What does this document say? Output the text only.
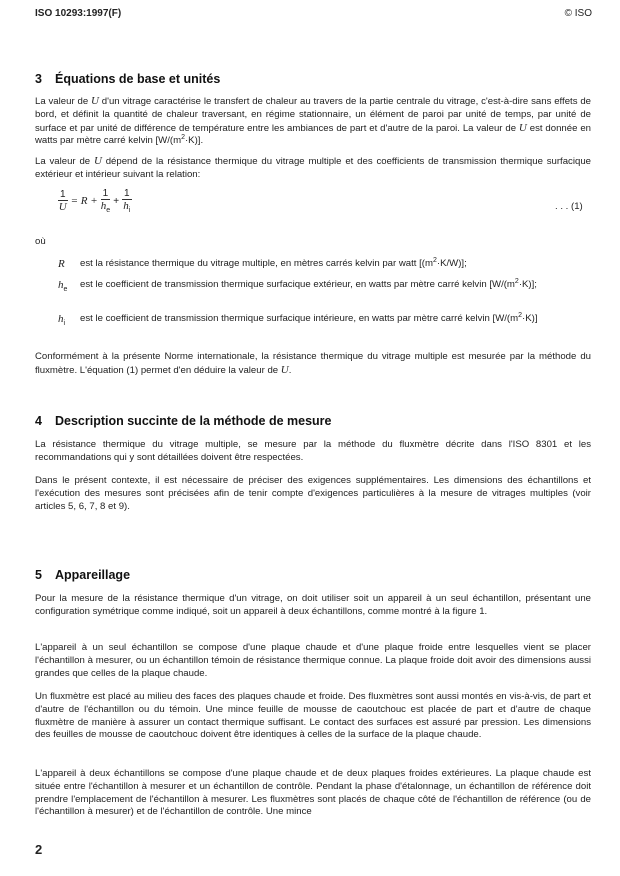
ISO 10293:1997(F)	© ISO
3 Équations de base et unités
La valeur de U d'un vitrage caractérise le transfert de chaleur au travers de la partie centrale du vitrage, c'est-à-dire sans effets de bord, et définit la quantité de chaleur traversant, en régime stationnaire, un élément de paroi par unité de temps, par unité de surface et par unité de différence de température entre les ambiances de part et d'autre de la paroi. La valeur de U est donnée en watts par mètre carré kelvin $[W/(m^2\cdot K)]$.
La valeur de U dépend de la résistance thermique du vitrage multiple et des coefficients de transmission thermique surfacique extérieur et intérieur suivant la relation:
$\frac{1}{U} = R + \frac{1}{h_e} + \frac{1}{h_i}$	. . . (1)
où
R est la résistance thermique du vitrage multiple, en mètres carrés kelvin par watt $[(m^2\cdot K/W)]$;
$h_e$ est le coefficient de transmission thermique surfacique extérieur, en watts par mètre carré kelvin $[W/(m^2\cdot K)]$;
$h_i$ est le coefficient de transmission thermique surfacique intérieure, en watts par mètre carré kelvin $[W/(m^2\cdot K)]$
Conformément à la présente Norme internationale, la résistance thermique du vitrage multiple est mesurée par la méthode du fluxmètre. L'équation (1) permet d'en déduire la valeur de U.
4 Description succinte de la méthode de mesure
La résistance thermique du vitrage multiple, se mesure par la méthode du fluxmètre décrite dans l'ISO 8301 et les recommandations qui y sont détaillées doivent être respectées.
Dans le présent contexte, il est nécessaire de préciser des exigences supplémentaires. Les dimensions des échantillons et l'exécution des mesures sont précisées afin de tenir compte d'exigences particulières à la mesure de vitrages multiples (voir articles 5, 6, 7, 8 et 9).
5 Appareillage
Pour la mesure de la résistance thermique d'un vitrage, on doit utiliser soit un appareil à un seul échantillon, présentant une configuration symétrique comme indiqué, soit un appareil à deux échantillons, comme montré à la figure 1.
L'appareil à un seul échantillon se compose d'une plaque chaude et d'une plaque froide entre lesquelles vient se placer l'échantillon à mesurer, ou un échantillon témoin de résistance thermique connue. La plaque froide doit avoir des dimensions aussi grandes que celles de la plaque chaude.
Un fluxmètre est placé au milieu des faces des plaques chaude et froide. Des fluxmètres sont aussi montés en vis-à-vis, de part et d'autre de l'échantillon ou du témoin. Une mince feuille de mousse de caoutchouc est placée de part et d'autre de chaque fluxmètre de manière à assurer un contact thermique suffisant. Le contact des surfaces est assuré par pression. Les dimensions des feuilles de mousse de caoutchouc doivent être identiques à celles de la surface de la plaque chaude.
L'appareil à deux échantillons se compose d'une plaque chaude et de deux plaques froides extérieures. La plaque chaude est située entre l'échantillon à mesurer et un échantillon de contrôle. Pendant la phase d'étalonnage, un échantillon de référence doit prendre l'emplacement de l'échantillon à mesurer. Les fluxmètres sont placés de chaque côté de l'échantillon de référence (ou de l'échantillon à mesurer) et de l'échantillon de contrôle. Une mince
2
